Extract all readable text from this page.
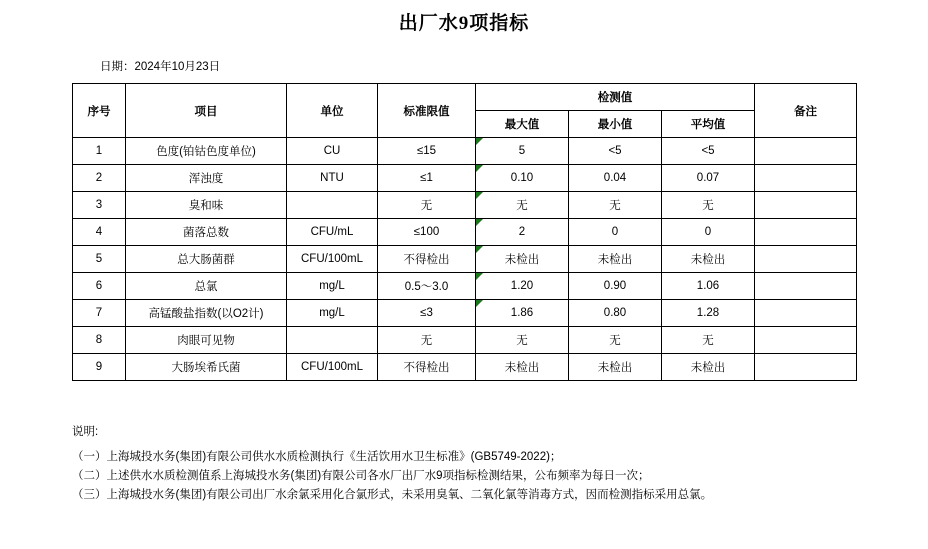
出厂水9项指标
日期：2024年10月23日
序号	项目	单位	标准限值	检测值			备注
				最大值	最小值	平均值	
1	色度(铂钴色度单位)	CU	≤15	5	<5	<5	
2	浑浊度	NTU	≤1	0.10	0.04	0.07	
3	臭和味		无	无	无	无	
4	菌落总数	CFU/mL	≤100	2	0	0	
5	总大肠菌群	CFU/100mL	不得检出	未检出	未检出	未检出	
6	总氯	mg/L	0.5～3.0	1.20	0.90	1.06	
7	高锰酸盐指数(以O2计)	mg/L	≤3	1.86	0.80	1.28	
8	肉眼可见物		无	无	无	无	
9	大肠埃希氏菌	CFU/100mL	不得检出	未检出	未检出	未检出	
说明:
（一）上海城投水务(集团)有限公司供水水质检测执行《生活饮用水卫生标准》(GB5749-2022)；
（二）上述供水水质检测值系上海城投水务(集团)有限公司各水厂出厂水9项指标检测结果，公布频率为每日一次；
（三）上海城投水务(集团)有限公司出厂水余氯采用化合氯形式，未采用臭氧、二氧化氯等消毒方式，因而检测指标采用总氯。
